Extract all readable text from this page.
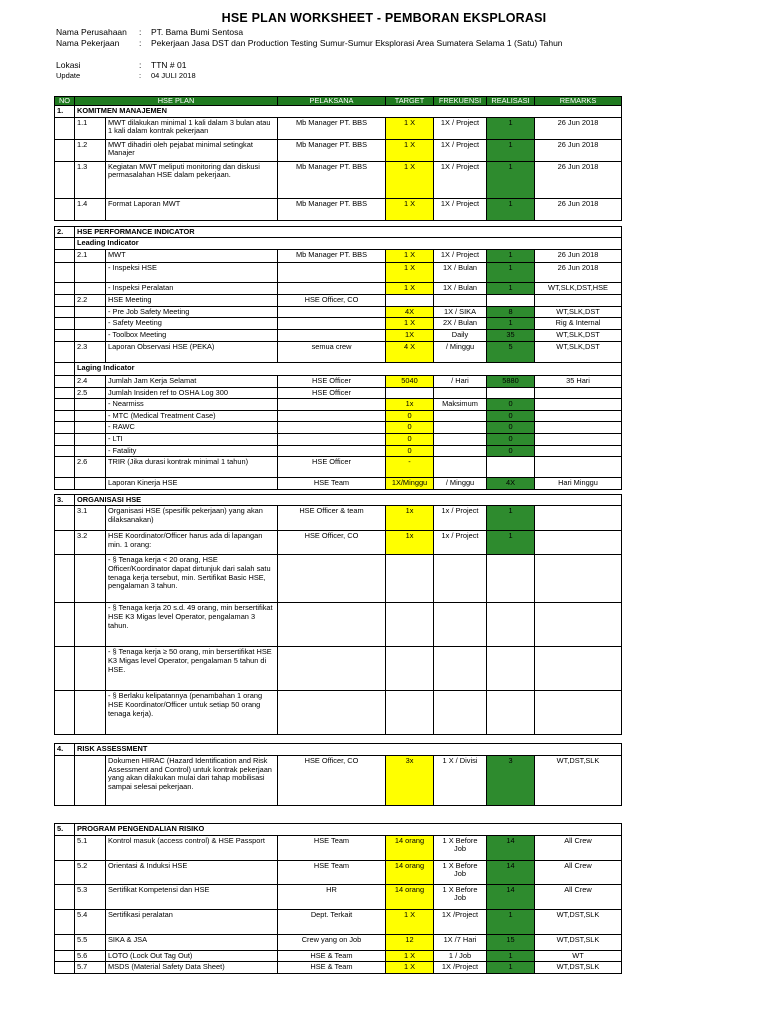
HSE PLAN WORKSHEET - PEMBORAN EKSPLORASI
Nama Perusahaan : PT. Bama Bumi Sentosa
Nama Pekerjaan : Pekerjaan Jasa DST dan Production Testing Sumur-Sumur Eksplorasi Area Sumatera Selama 1 (Satu) Tahun
Lokasi	: TTN # 01
Update	: 04 JULI 2018
NO	HSE PLAN		PELAKSANA	TARGET	FREKUENSI	REALISASI	REMARKS
1.	KOMITMEN MANAJEMEN						
	1.1	MWT dilakukan minimal 1 kali dalam 3 bulan atau 1 kali dalam kontrak pekerjaan	Mb Manager PT. BBS	1 X	1X / Project	1	26 Jun 2018
	1.2	MWT dihadiri oleh pejabat minimal setingkat Manajer	Mb Manager PT. BBS	1 X	1X / Project	1	26 Jun 2018
	1.3	Kegiatan MWT meliputi monitoring dan diskusi permasalahan HSE dalam pekerjaan.	Mb Manager PT. BBS	1 X	1X / Project	1	26 Jun 2018
	1.4	Format Laporan MWT	Mb Manager PT. BBS	1 X	1X / Project	1	26 Jun 2018

2.	HSE PERFORMANCE INDICATOR						
	Leading Indicator						
	2.1	MWT	Mb Manager PT. BBS	1 X	1X / Project	1	26 Jun 2018
		- Inspeksi HSE		1 X	1X / Bulan	1	26 Jun 2018
		- Inspeksi Peralatan		1 X	1X / Bulan	1	WT,SLK,DST,HSE
	2.2	HSE Meeting	HSE Officer, CO				
		- Pre Job Safety Meeting		4X	1X / SIKA	8	WT,SLK,DST
		- Safety Meeting		1 X	2X / Bulan	1	Rig & Internal
		- Toolbox Meeting		1X	Daily	35	WT,SLK,DST
	2.3	Laporan Observasi HSE (PEKA)	semua crew	4 X	/ Minggu	5	WT,SLK,DST
	Laging Indicator						
	2.4	Jumlah Jam Kerja Selamat	HSE Officer	5040	/ Hari	5880	35 Hari
	2.5	Jumlah Insiden ref to OSHA Log 300	HSE Officer				
		- Nearmiss		1x	Maksimum	0	
		- MTC (Medical Treatment Case)		0		0	
		- RAWC		0		0	
		- LTI		0		0	
		- Fatality		0		0	
	2.6	TRIR (Jika durasi kontrak minimal 1 tahun)	HSE Officer	-			
		Laporan Kinerja HSE	HSE Team	1X/Minggu	/ Minggu	4X	Hari Minggu

3.	ORGANISASI HSE						
	3.1	Organisasi HSE (spesifik pekerjaan) yang akan dilaksanakan)	HSE Officer & team	1x	1x / Project	1	
	3.2	HSE Koordinator/Officer harus ada di lapangan min. 1 orang:	HSE Officer, CO	1x	1x / Project	1	
		- § Tenaga kerja < 20 orang, HSE Officer/Koordinator dapat dirtunjuk dari salah satu tenaga kerja tersebut, min. Sertifikat Basic HSE, pengalaman 3 tahun.					
		- § Tenaga kerja 20 s.d. 49 orang, min bersertifikat HSE K3 Migas level Operator, pengalaman 3 tahun.					
		- § Tenaga kerja ≥ 50 orang, min bersertifikat HSE K3 Migas level Operator, pengalaman 5 tahun di HSE.					
		- § Berlaku kelipatannya (penambahan 1 orang HSE Koordinator/Officer untuk setiap 50 orang tenaga kerja).					

4.	RISK ASSESSMENT						
		Dokumen HIRAC (Hazard Identification and Risk Assessment and Control) untuk kontrak pekerjaan yang akan dilakukan mulai dari tahap mobilisasi sampai selesai pekerjaan.	HSE Officer, CO	3x	1 X / Divisi	3	WT,DST,SLK

5.	PROGRAM PENGENDALIAN RISIKO						
	5.1	Kontrol masuk (access control) & HSE Passport	HSE Team	14 orang	1 X Before Job	14	All Crew
	5.2	Orientasi & Induksi HSE	HSE Team	14 orang	1 X Before Job	14	All Crew
	5.3	Sertifikat Kompetensi dan HSE	HR	14 orang	1 X Before Job	14	All Crew
	5.4	Sertifikasi peralatan	Dept. Terkait	1 X	1X /Project	1	WT,DST,SLK
	5.5	SIKA & JSA	Crew yang on Job	12	1X /7 Hari	15	WT,DST,SLK
	5.6	LOTO (Lock Out Tag Out)	HSE & Team	1 X	1 / Job	1	WT
	5.7	MSDS (Material Safety Data Sheet)	HSE & Team	1 X	1X /Project	1	WT,DST,SLK
